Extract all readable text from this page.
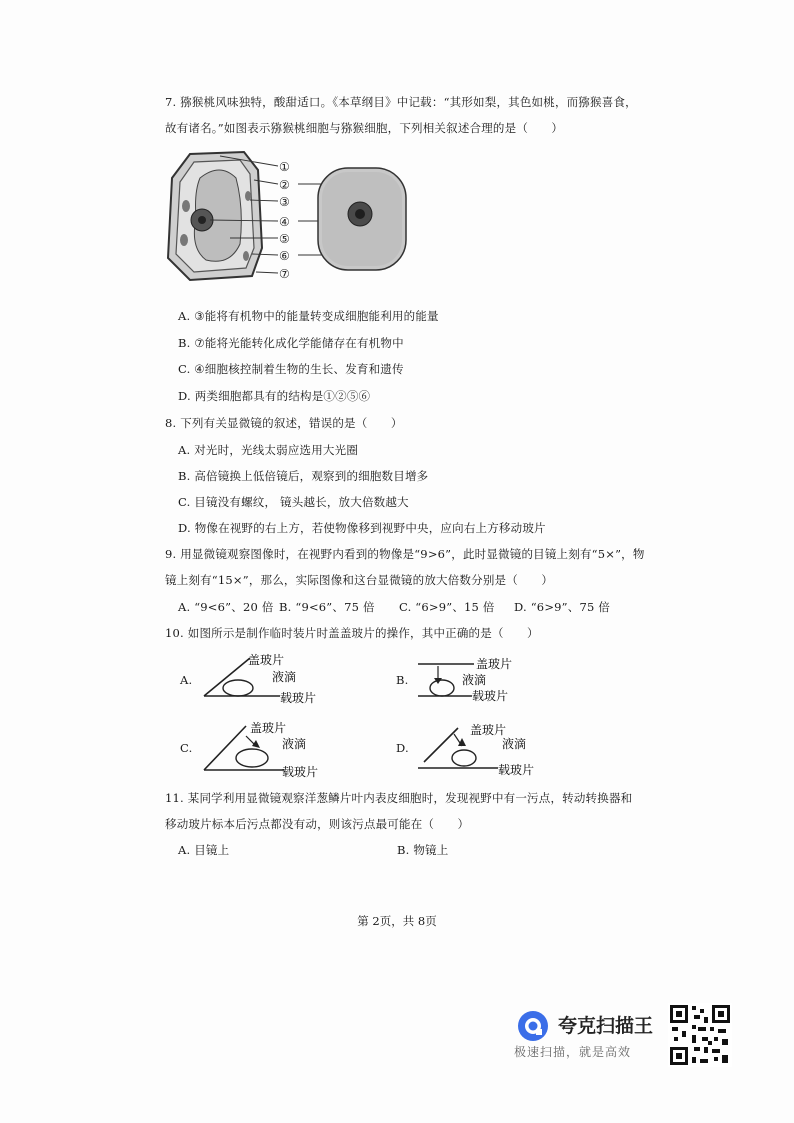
7. 猕猴桃风味独特，酸甜适口。《本草纲目》中记载：“其形如梨，其色如桃，而猕猴喜食，
故有诸名。”如图表示猕猴桃细胞与猕猴细胞，下列相关叙述合理的是（　　）
①
②
③
④
⑤
⑥
⑦
A. ③能将有机物中的能量转变成细胞能利用的能量
B. ⑦能将光能转化成化学能储存在有机物中
C. ④细胞核控制着生物的生长、发育和遗传
D. 两类细胞都具有的结构是①②⑤⑥
8. 下列有关显微镜的叙述，错误的是（　　）
A. 对光时，光线太弱应选用大光圈
B. 高倍镜换上低倍镜后，观察到的细胞数目增多
C. 目镜没有螺纹， 镜头越长，放大倍数越大
D. 物像在视野的右上方，若使物像移到视野中央，应向右上方移动玻片
9. 用显微镜观察图像时，在视野内看到的物像是“9>6”，此时显微镜的目镜上刻有“5×”，物
镜上刻有“15×”，那么，实际图像和这台显微镜的放大倍数分别是（　　）
A. “9<6”、20 倍 B. “9<6”、75 倍 C. “6>9”、15 倍 D. “6>9”、75 倍
10. 如图所示是制作临时装片时盖盖玻片的操作，其中正确的是（　　）
A.
盖玻片
液滴
载玻片
B.
盖玻片
液滴
载玻片
C.
盖玻片
液滴
载玻片
D.
盖玻片
液滴
载玻片
11. 某同学利用显微镜观察洋葱鳞片叶内表皮细胞时，发现视野中有一污点，转动转换器和
移动玻片标本后污点都没有动，则该污点最可能在（　　）
A. 目镜上	B. 物镜上
第 2页，共 8页
夸克扫描王
极速扫描，就是高效
